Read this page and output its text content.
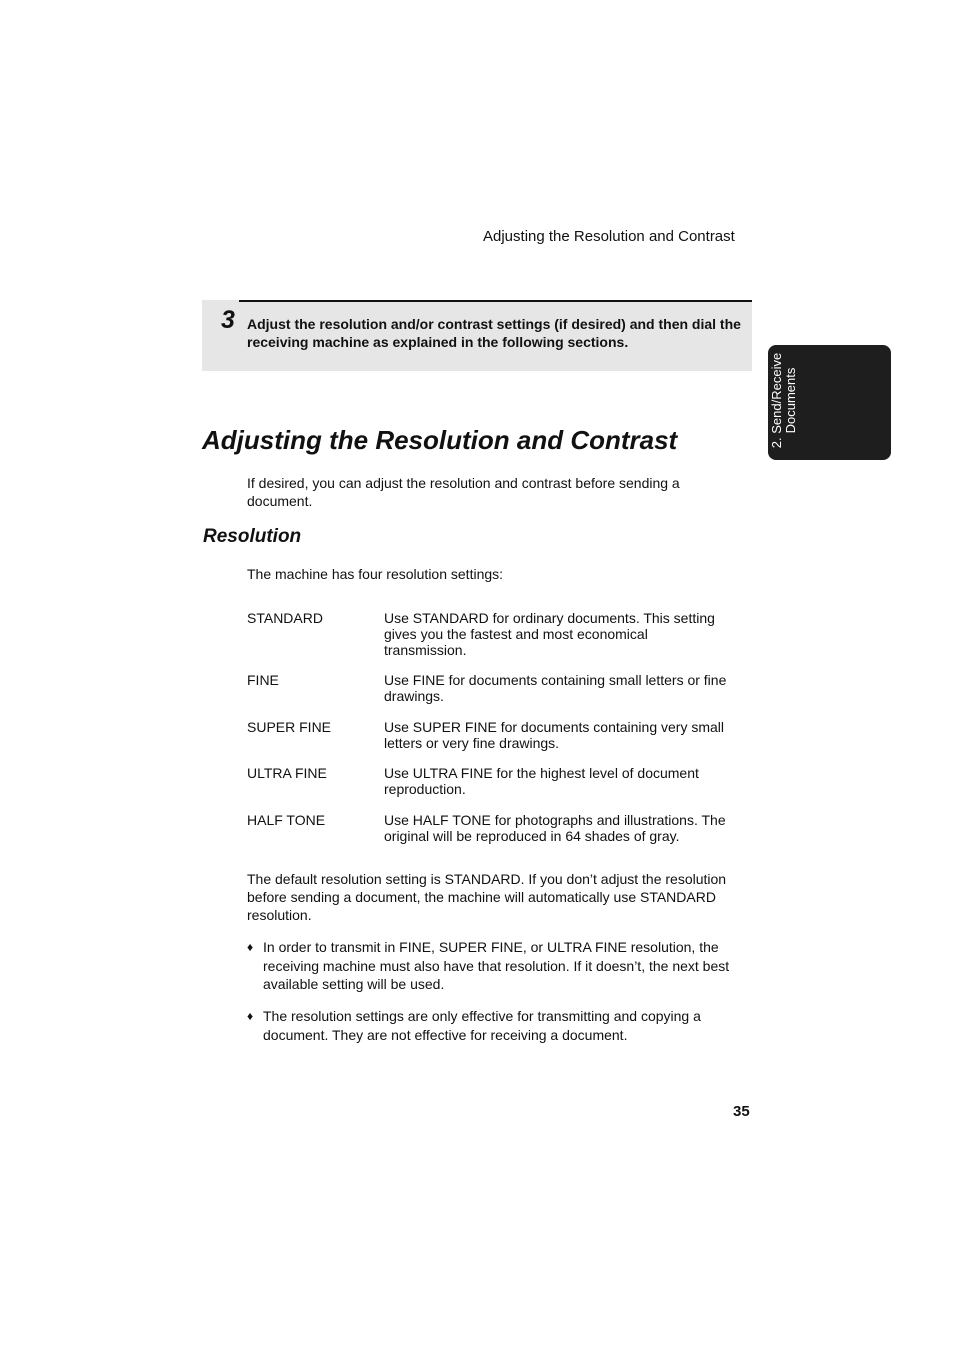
Adjusting the Resolution and Contrast
3 Adjust the resolution and/or contrast settings (if desired) and then dial the receiving machine as explained in the following sections.
2. Send/Receive Documents
Adjusting the Resolution and Contrast
If desired, you can adjust the resolution and contrast before sending a document.
Resolution
The machine has four resolution settings:
STANDARD	Use STANDARD for ordinary documents. This setting gives you the fastest and most economical transmission.
FINE	Use FINE for documents containing small letters or fine drawings.
SUPER FINE	Use SUPER FINE for documents containing very small letters or very fine drawings.
ULTRA FINE	Use ULTRA FINE for the highest level of document reproduction.
HALF TONE	Use HALF TONE for photographs and illustrations. The original will be reproduced in 64 shades of gray.
The default resolution setting is STANDARD. If you don’t adjust the resolution before sending a document, the machine will automatically use STANDARD resolution.
♦ In order to transmit in FINE, SUPER FINE, or ULTRA FINE resolution, the receiving machine must also have that resolution. If it doesn’t, the next best available setting will be used.
♦ The resolution settings are only effective for transmitting and copying a document. They are not effective for receiving a document.
35
